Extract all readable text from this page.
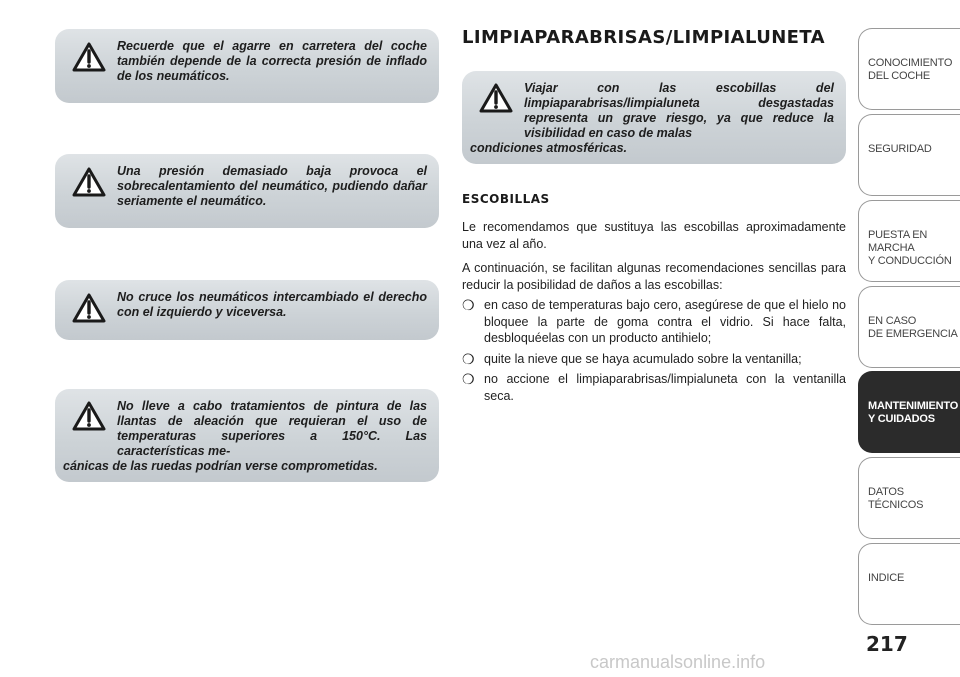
Recuerde que el agarre en carretera del coche también depende de la correcta presión de inflado de los neumáticos.
Una presión demasiado baja provoca el sobrecalentamiento del neumático, pudiendo dañar seriamente el neumático.
No cruce los neumáticos intercambiado el derecho con el izquierdo y viceversa.
No lleve a cabo tratamientos de pintura de las llantas de aleación que requieran el uso de temperaturas superiores a 150°C. Las características me-
cánicas de las ruedas podrían verse comprometidas.
LIMPIAPARABRISAS/LIMPIALUNETA
Viajar con las escobillas del limpiaparabrisas/limpialuneta desgastadas representa un grave riesgo, ya que reduce la visibilidad en caso de malas
condiciones atmosféricas.
ESCOBILLAS
Le recomendamos que sustituya las escobillas aproximadamente una vez al año.
A continuación, se facilitan algunas recomendaciones sencillas para reducir la posibilidad de daños a las escobillas:
❍ en caso de temperaturas bajo cero, asegúrese de que el hielo no bloquee la parte de goma contra el vidrio. Si hace falta, desbloquéelas con un producto antihielo;
❍ quite la nieve que se haya acumulado sobre la ventanilla;
❍ no accione el limpiaparabrisas/limpialuneta con la ventanilla seca.
CONOCIMIENTO
DEL COCHE
SEGURIDAD
PUESTA EN MARCHA
Y CONDUCCIÓN
EN CASO
DE EMERGENCIA
MANTENIMIENTO
Y CUIDADOS
DATOS TÉCNICOS
INDICE
217
carmanualsonline.info
